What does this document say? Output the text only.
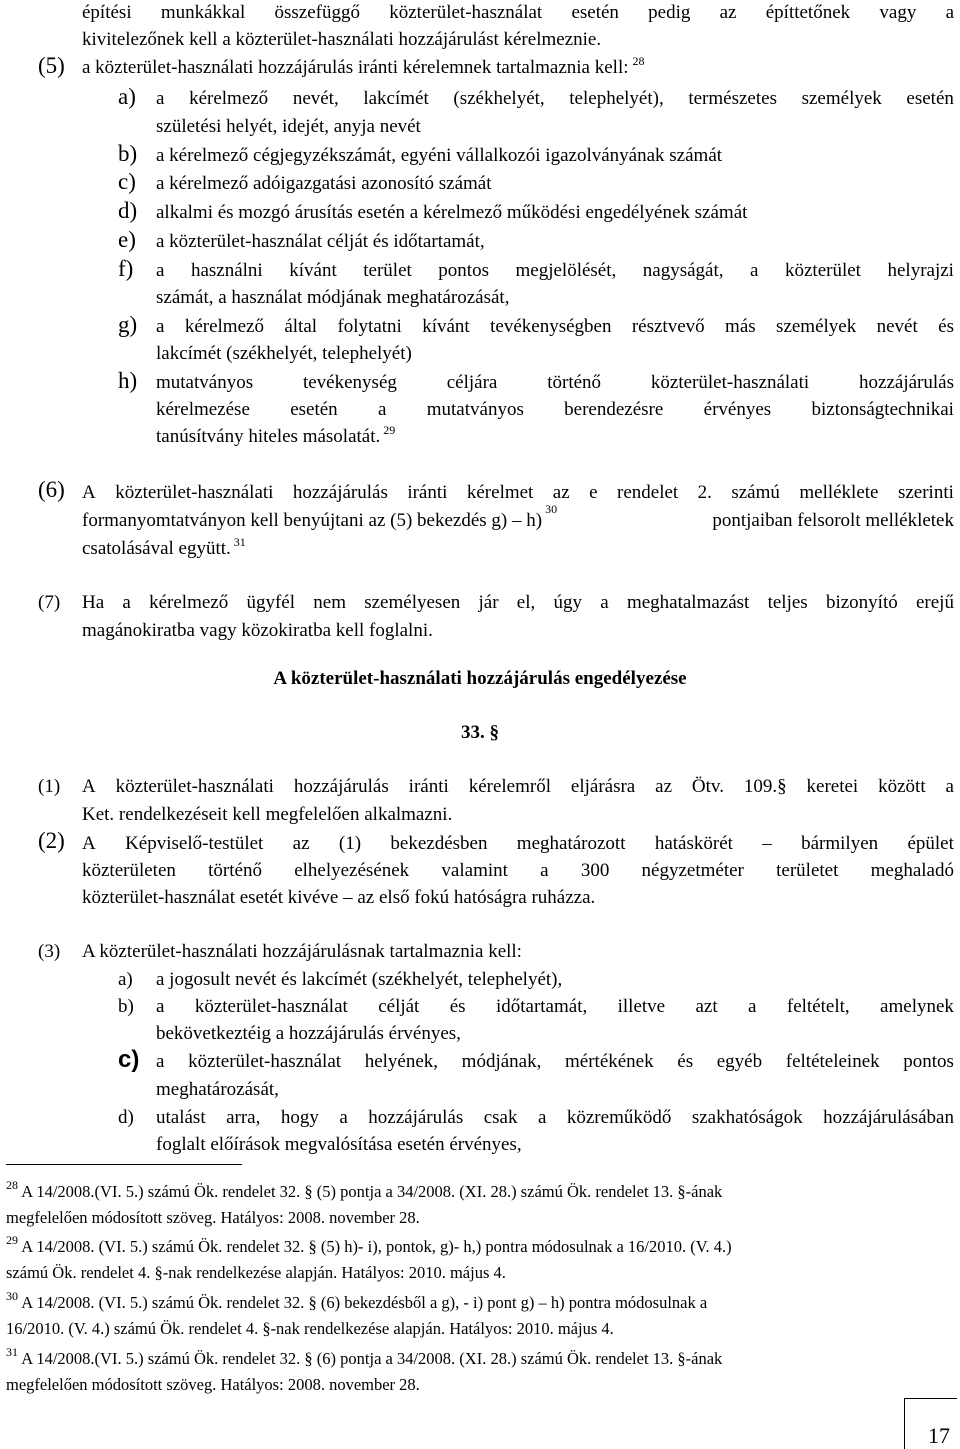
építési munkákkal összefüggő közterület-használat esetén pedig az építtetőnek vagy a
kivitelezőnek kell a közterület-használati hozzájárulást kérelmeznie.
(5) a közterület-használati hozzájárulás iránti kérelemnek tartalmaznia kell: $^{28}$
a) a kérelmező nevét, lakcímét (székhelyét, telephelyét), természetes személyek esetén
születési helyét, idejét, anyja nevét
b) a kérelmező cégjegyzékszámát, egyéni vállalkozói igazolványának számát
c) a kérelmező adóigazgatási azonosító számát
d) alkalmi és mozgó árusítás esetén a kérelmező működési engedélyének számát
e) a közterület-használat célját és időtartamát,
f) a használni kívánt terület pontos megjelölését, nagyságát, a közterület helyrajzi
számát, a használat módjának meghatározását,
g) a kérelmező által folytatni kívánt tevékenységben résztvevő más személyek nevét és
lakcímét (székhelyét, telephelyét)
h) mutatványos	tevékenység	céljára	történő	közterület-használati	hozzájárulás
kérelmezése esetén a mutatványos berendezésre érvényes biztonságtechnikai
tanúsítvány hiteles másolatát. $^{29}$
(6) A közterület-használati hozzájárulás iránti kérelmet az e rendelet 2. számú melléklete szerinti
formanyomtatványon kell benyújtani az (5) bekezdés g) – h)
30
pontjaiban felsorolt mellékletek
csatolásával együtt. $^{31}$
(7) Ha a kérelmező ügyfél nem személyesen jár el, úgy a meghatalmazást teljes bizonyító erejű
magánokiratba vagy közokiratba kell foglalni.
A közterület-használati hozzájárulás engedélyezése
33. §
(1) A közterület-használati hozzájárulás iránti kérelemről eljárásra az Ötv. 109.§ keretei között a
Ket. rendelkezéseit kell megfelelően alkalmazni.
(2) A Képviselő-testület az (1) bekezdésben meghatározott hatáskörét – bármilyen épület
közterületen történő elhelyezésének valamint a 300 négyzetméter területet meghaladó
közterület-használat esetét kivéve – az első fokú hatóságra ruházza.
(3) A közterület-használati hozzájárulásnak tartalmaznia kell:
a) a jogosult nevét és lakcímét (székhelyét, telephelyét),
b) a közterület-használat célját és időtartamát, illetve azt a feltételt, amelynek
bekövetkeztéig a hozzájárulás érvényes,
c) a közterület-használat helyének, módjának, mértékének és egyéb feltételeinek pontos
meghatározását,
d) utalást arra, hogy a hozzájárulás csak a közreműködő szakhatóságok hozzájárulásában
foglalt előírások megvalósítása esetén érvényes,
$^{28}$ A 14/2008.(VI. 5.) számú Ök. rendelet 32. § (5) pontja a 34/2008. (XI. 28.) számú Ök. rendelet 13. §-ának
megfelelően módosított szöveg. Hatályos: 2008. november 28.
$^{29}$ A 14/2008. (VI. 5.) számú Ök. rendelet 32. § (5) h)- i), pontok, g)- h,) pontra módosulnak a 16/2010. (V. 4.)
számú Ök. rendelet 4. §-nak rendelkezése alapján. Hatályos: 2010. május 4.
$^{30}$ A 14/2008. (VI. 5.) számú Ök. rendelet 32. § (6) bekezdésből a g), - i) pont g) – h) pontra módosulnak a
16/2010. (V. 4.) számú Ök. rendelet 4. §-nak rendelkezése alapján. Hatályos: 2010. május 4.
$^{31}$ A 14/2008.(VI. 5.) számú Ök. rendelet 32. § (6) pontja a 34/2008. (XI. 28.) számú Ök. rendelet 13. §-ának
megfelelően módosított szöveg. Hatályos: 2008. november 28.
17
